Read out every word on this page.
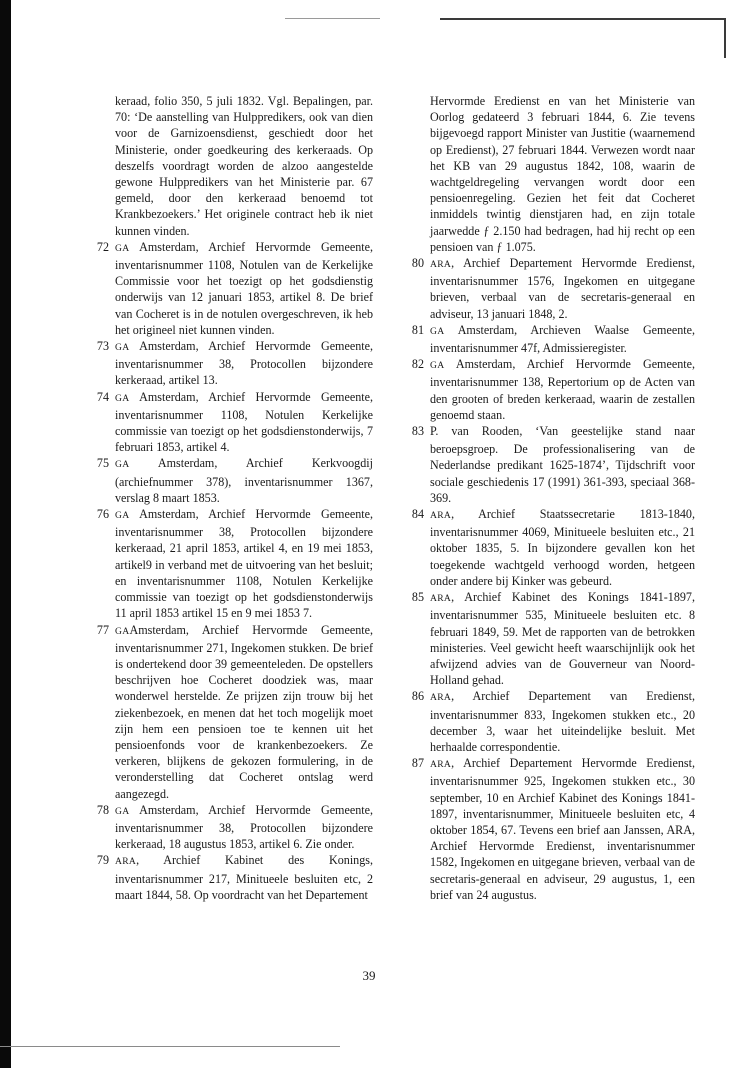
keraad, folio 350, 5 juli 1832. Vgl. Bepalingen, par. 70: ‘De aanstelling van Hulppredikers, ook van dien voor de Garnizoensdienst, geschiedt door het Ministerie, onder goedkeuring des kerkeraads. Op deszelfs voordragt worden de alzoo aangestelde gewone Hulppredikers van het Ministerie par. 67 gemeld, door den kerkeraad benoemd tot Krankbezoekers.’ Het originele contract heb ik niet kunnen vinden.

72 GA Amsterdam, Archief Hervormde Gemeente, inventarisnummer 1108, Notulen van de Kerkelijke Commissie voor het toezigt op het godsdienstig onderwijs van 12 januari 1853, artikel 8. De brief van Cocheret is in de notulen overgeschreven, ik heb het origineel niet kunnen vinden.
73 GA Amsterdam, Archief Hervormde Gemeente, inventarisnummer 38, Protocollen bijzondere kerkeraad, artikel 13.
74 GA Amsterdam, Archief Hervormde Gemeente, inventarisnummer 1108, Notulen Kerkelijke commissie van toezigt op het godsdienstonderwijs, 7 februari 1853, artikel 4.
75 GA Amsterdam, Archief Kerkvoogdij (archiefnummer 378), inventarisnummer 1367, verslag 8 maart 1853.
76 GA Amsterdam, Archief Hervormde Gemeente, inventarisnummer 38, Protocollen bijzondere kerkeraad, 21 april 1853, artikel 4, en 19 mei 1853, artikel9 in verband met de uitvoering van het besluit; en inventarisnummer 1108, Notulen Kerkelijke commissie van toezigt op het godsdienstonderwijs 11 april 1853 artikel 15 en 9 mei 1853 7.
77 GAAmsterdam, Archief Hervormde Gemeente, inventarisnummer 271, Ingekomen stukken. De brief is ondertekend door 39 gemeenteleden. De opstellers beschrijven hoe Cocheret doodziek was, maar wonderwel herstelde. Ze prijzen zijn trouw bij het ziekenbezoek, en menen dat het toch mogelijk moet zijn hem een pensioen toe te kennen uit het pensioenfonds voor de krankenbezoekers. Ze verkeren, blijkens de gekozen formulering, in de veronderstelling dat Cocheret ontslag werd aangezegd.
78 GA Amsterdam, Archief Hervormde Gemeente, inventarisnummer 38, Protocollen bijzondere kerkeraad, 18 augustus 1853, artikel 6. Zie onder.
79 ARA, Archief Kabinet des Konings, inventarisnummer 217, Minitueele besluiten etc, 2 maart 1844, 58. Op voordracht van het Departement

Hervormde Eredienst en van het Ministerie van Oorlog gedateerd 3 februari 1844, 6. Zie tevens bijgevoegd rapport Minister van Justitie (waarnemend op Eredienst), 27 februari 1844. Verwezen wordt naar het KB van 29 augustus 1842, 108, waarin de wachtgeldregeling vervangen wordt door een pensioenregeling. Gezien het feit dat Cocheret inmiddels twintig dienstjaren had, en zijn totale jaarwedde ƒ 2.150 had bedragen, had hij recht op een pensioen van ƒ 1.075.

80 ARA, Archief Departement Hervormde Eredienst, inventarisnummer 1576, Ingekomen en uitgegane brieven, verbaal van de secretaris-generaal en adviseur, 13 januari 1848, 2.
81 GA Amsterdam, Archieven Waalse Gemeente, inventarisnummer 47f, Admissieregister.
82 GA Amsterdam, Archief Hervormde Gemeente, inventarisnummer 138, Repertorium op de Acten van den grooten of breden kerkeraad, waarin de zestallen genoemd staan.
83 P. van Rooden, ‘Van geestelijke stand naar beroepsgroep. De professionalisering van de Nederlandse predikant 1625-1874’, Tijdschrift voor sociale geschiedenis 17 (1991) 361-393, speciaal 368-369.
84 ARA, Archief Staatssecretarie 1813-1840, inventarisnummer 4069, Minitueele besluiten etc., 21 oktober 1835, 5. In bijzondere gevallen kon het toegekende wachtgeld verhoogd worden, hetgeen onder andere bij Kinker was gebeurd.
85 ARA, Archief Kabinet des Konings 1841-1897, inventarisnummer 535, Minitueele besluiten etc. 8 februari 1849, 59. Met de rapporten van de betrokken ministeries. Veel gewicht heeft waarschijnlijk ook het afwijzend advies van de Gouverneur van Noord-Holland gehad.
86 ARA, Archief Departement van Eredienst, inventarisnummer 833, Ingekomen stukken etc., 20 december 3, waar het uiteindelijke besluit. Met herhaalde correspondentie.
87 ARA, Archief Departement Hervormde Eredienst, inventarisnummer 925, Ingekomen stukken etc., 30 september, 10 en Archief Kabinet des Konings 1841-1897, inventarisnummer, Minitueele besluiten etc, 4 oktober 1854, 67. Tevens een brief aan Janssen, ARA, Archief Hervormde Eredienst, inventarisnummer 1582, Ingekomen en uitgegane brieven, verbaal van de secretaris-generaal en adviseur, 29 augustus, 1, een brief van 24 augustus.
39
